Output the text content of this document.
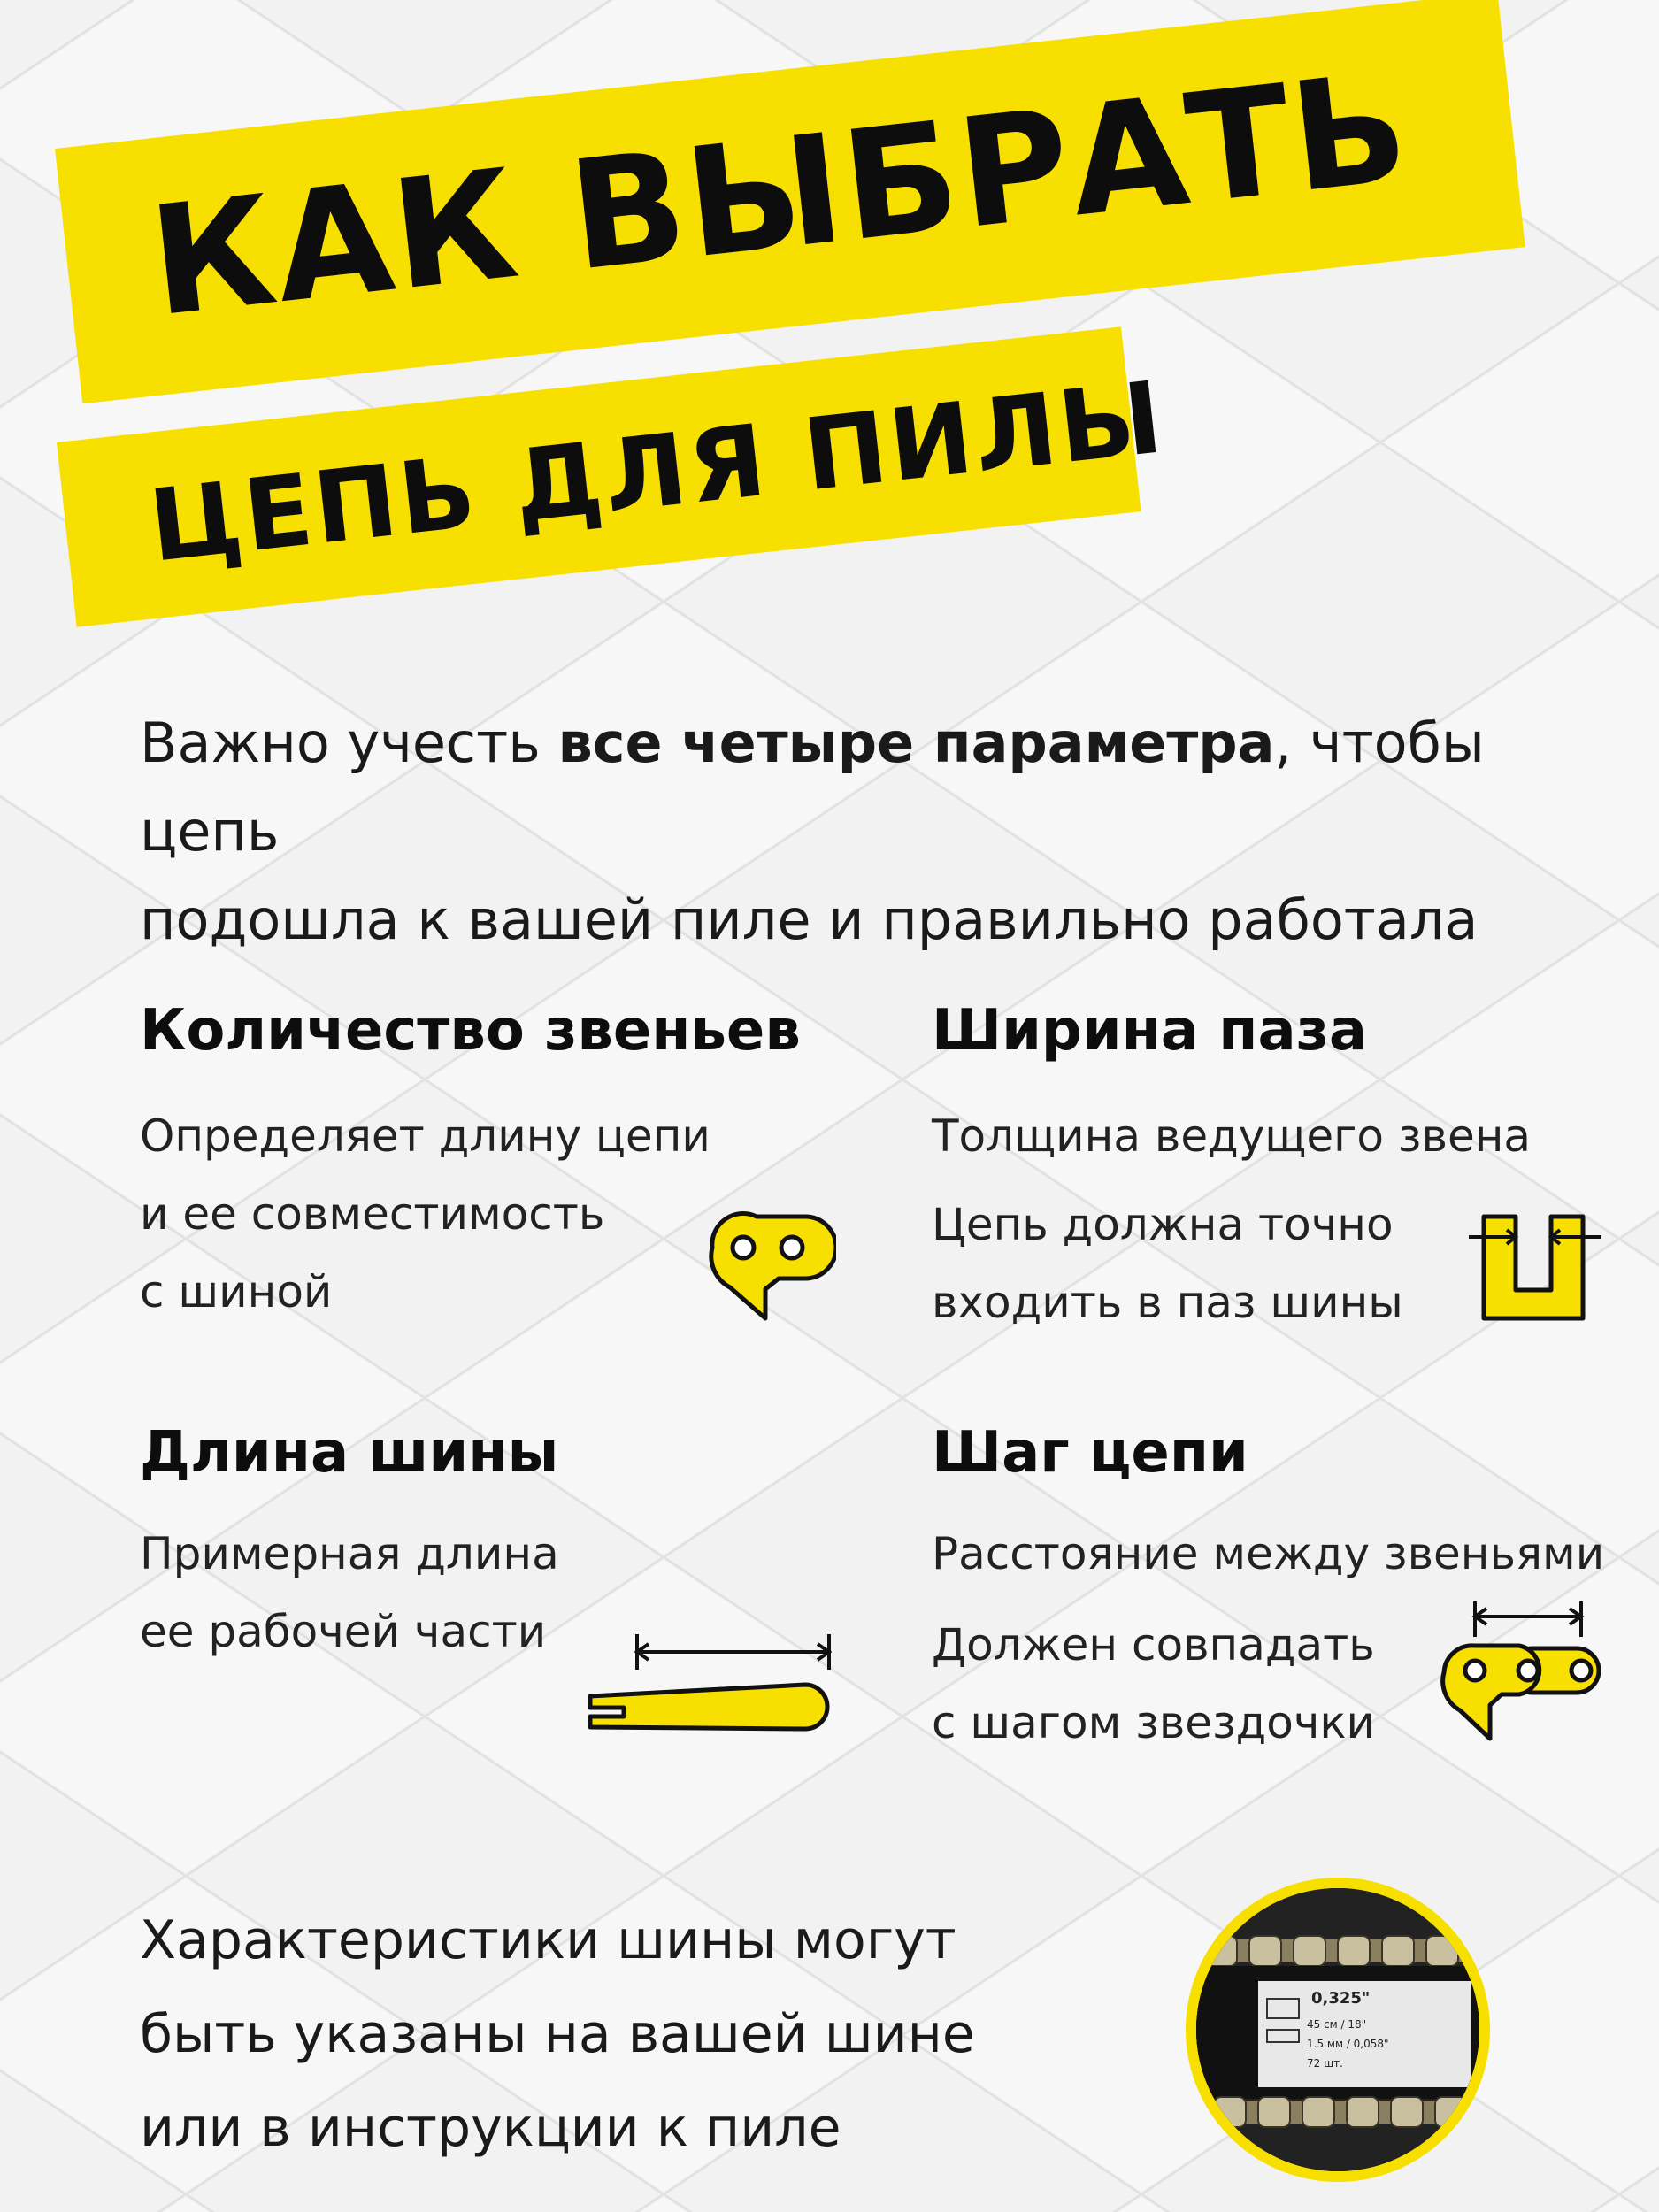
КАК ВЫБРАТЬ
ЦЕПЬ ДЛЯ ПИЛЫ
Важно учесть все четыре параметра, чтобы цепь
подошла к вашей пиле и правильно работала
Количество звеньев
Определяет длину цепи
и ее совместимость
с шиной
Ширина паза
Толщина ведущего звена
Цепь должна точно
входить в паз шины
Длина шины
Примерная длина
ее рабочей части
Шаг цепи
Расстояние между звеньями
Должен совпадать
с шагом звездочки
Характеристики шины могут
быть указаны на вашей шине
или в инструкции к пиле
0,325"
45 см / 18"
1.5 мм / 0,058"
72 шт.
